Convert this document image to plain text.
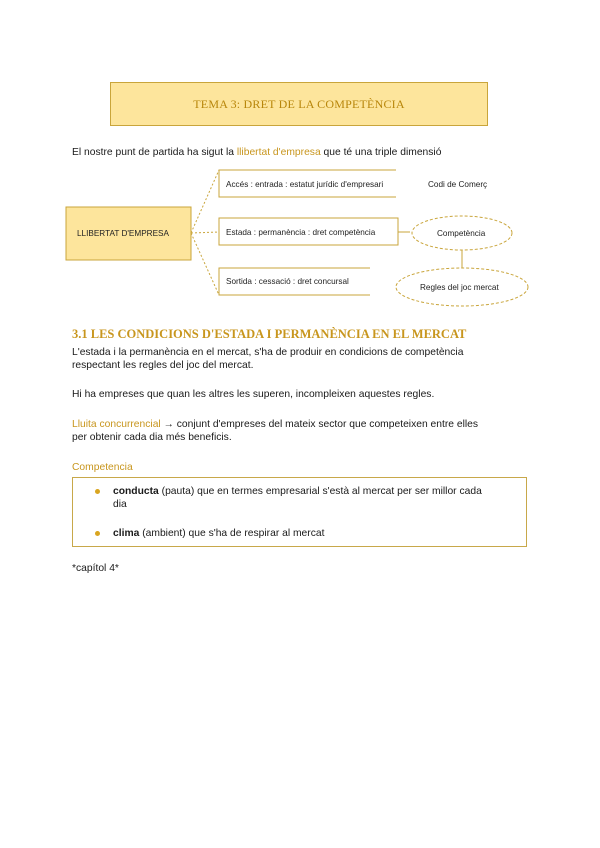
TEMA 3: DRET DE LA COMPETÈNCIA

El nostre punt de partida ha sigut la llibertat d'empresa que té una triple dimensió

LLIBERTAT D'EMPRESA
Accés : entrada : estatut jurídic d'empresari
Estada : permanència : dret competència
Sortida : cessació : dret concursal
Codi de Comerç
Competència
Regles del joc mercat
3.1 LES CONDICIONS D'ESTADA I PERMANÈNCIA EN EL MERCAT

L'estada i la permanència en el mercat, s'ha de produir en condicions de competència

respectant les regles del joc del mercat.

Hi ha empreses que quan les altres les superen, incompleixen aquestes regles.

Lluita concurrencial → conjunt d'empreses del mateix sector que competeixen entre elles

per obtenir cada dia més beneficis.

Competencia

conducta (pauta) que en termes empresarial s'està al mercat per ser millor cada
dia
clima (ambient) que s'ha de respirar al mercat

*capítol 4*
